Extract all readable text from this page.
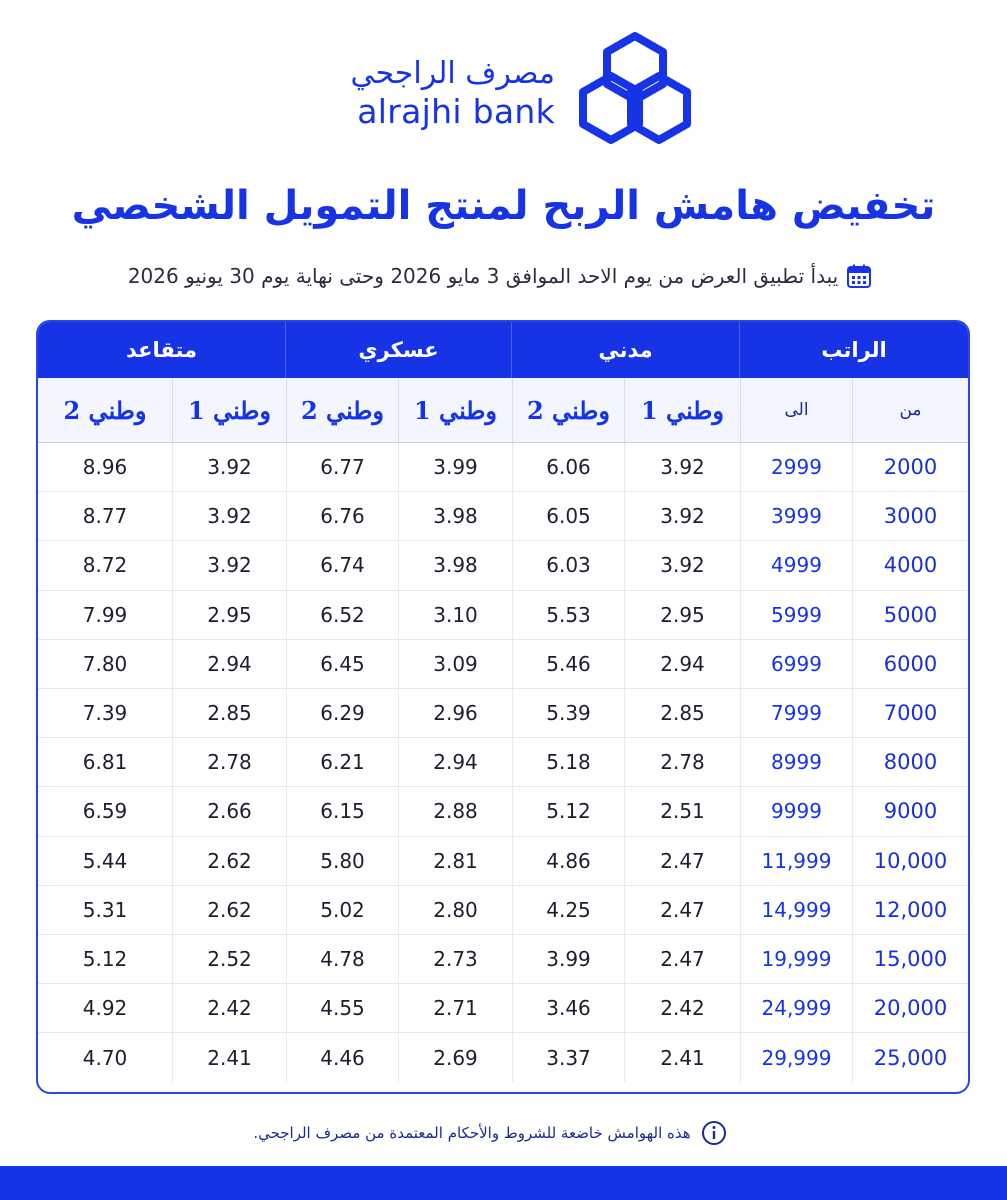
مصرف الراجحي
alrajhi bank
تخفيض هامش الربح لمنتج التمويل الشخصي
يبدأ تطبيق العرض من يوم الاحد الموافق 3 مايو 2026 وحتى نهاية يوم 30 يونيو 2026
الراتب
مدني
عسكري
متقاعد
من
الى
وطني 1
وطني 2
وطني 1
وطني 2
وطني 1
وطني 2
2000
2999
3.92
6.06
3.99
6.77
3.92
8.96
3000
3999
3.92
6.05
3.98
6.76
3.92
8.77
4000
4999
3.92
6.03
3.98
6.74
3.92
8.72
5000
5999
2.95
5.53
3.10
6.52
2.95
7.99
6000
6999
2.94
5.46
3.09
6.45
2.94
7.80
7000
7999
2.85
5.39
2.96
6.29
2.85
7.39
8000
8999
2.78
5.18
2.94
6.21
2.78
6.81
9000
9999
2.51
5.12
2.88
6.15
2.66
6.59
10,000
11,999
2.47
4.86
2.81
5.80
2.62
5.44
12,000
14,999
2.47
4.25
2.80
5.02
2.62
5.31
15,000
19,999
2.47
3.99
2.73
4.78
2.52
5.12
20,000
24,999
2.42
3.46
2.71
4.55
2.42
4.92
25,000
29,999
2.41
3.37
2.69
4.46
2.41
4.70
هذه الهوامش خاضعة للشروط والأحكام المعتمدة من مصرف الراجحي.
